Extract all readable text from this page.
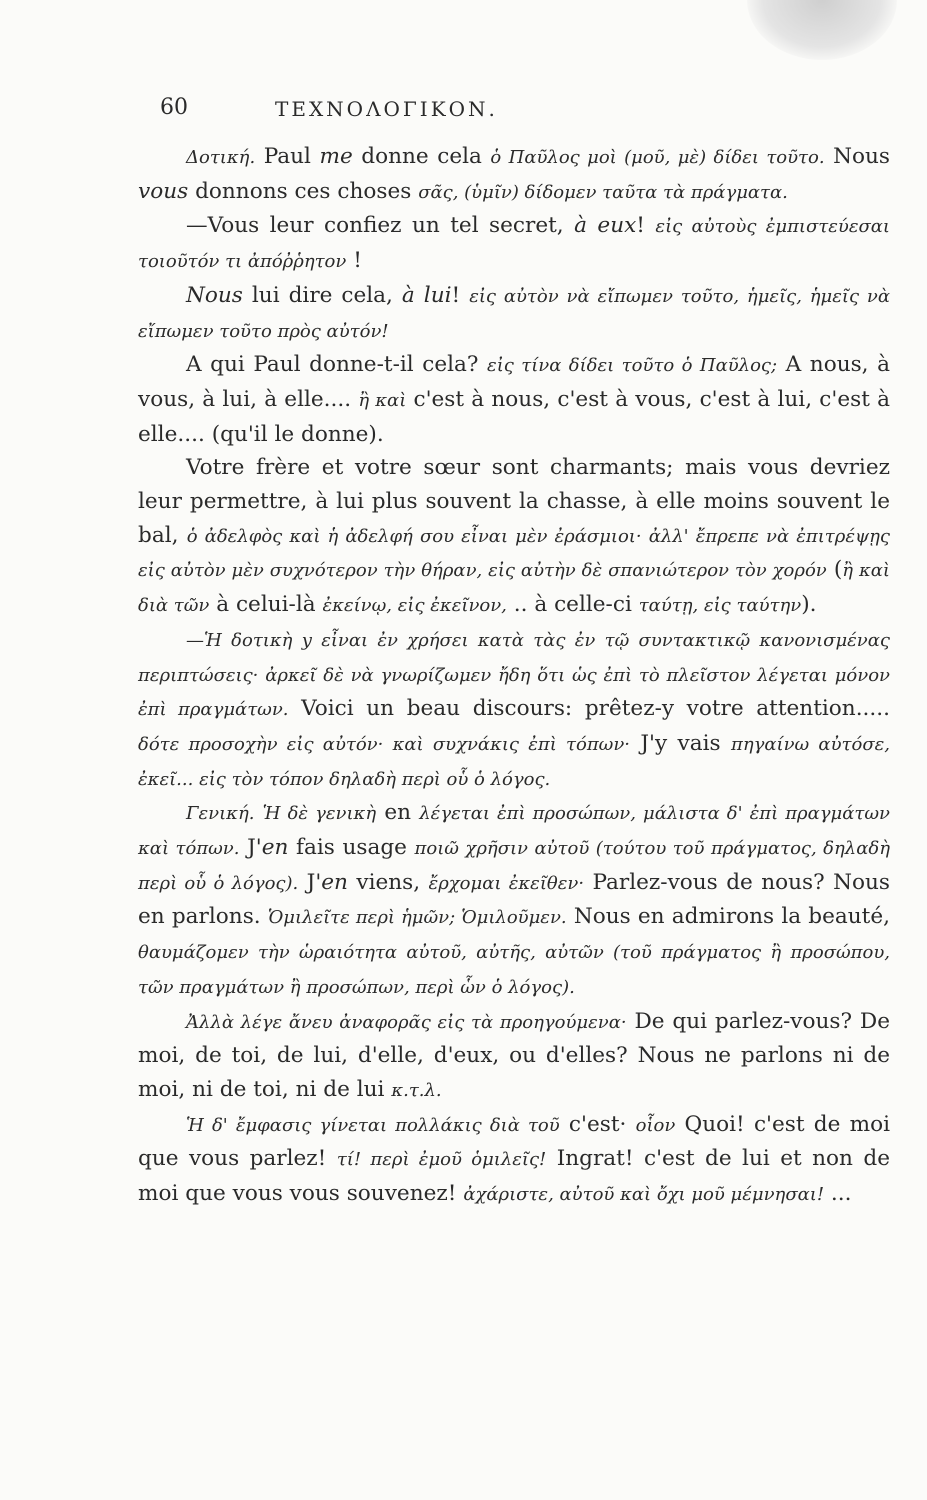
60	ΤΕΧΝΟΛΟΓΙΚΟΝ.

Δοτική. Paul me donne cela ὁ Παῦλος μοὶ (μοῦ, μὲ) δίδει τοῦτο. Nous vous donnons ces choses σᾶς, (ὑμῖν) δίδομεν ταῦτα τὰ πράγματα.

—Vous leur confiez un tel secret, à eux! εἰς αὐτοὺς ἐμπιστεύεσαι τοιοῦτόν τι ἀπόῤῥητον !

Nous lui dire cela, à lui! εἰς αὐτὸν νὰ εἴπωμεν τοῦτο, ἡμεῖς, ἡμεῖς νὰ εἴπωμεν τοῦτο πρὸς αὐτόν!

A qui Paul donne-t-il cela? εἰς τίνα δίδει τοῦτο ὁ Παῦλος; A nous, à vous, à lui, à elle.... ἢ καὶ c'est à nous, c'est à vous, c'est à lui, c'est à elle.... (qu'il le donne).

Votre frère et votre sœur sont charmants; mais vous devriez leur permettre, à lui plus souvent la chasse, à elle moins souvent le bal, ὁ ἀδελφὸς καὶ ἡ ἀδελφή σου εἶναι μὲν ἐράσμιοι· ἀλλ' ἔπρεπε νὰ ἐπιτρέψῃς εἰς αὐτὸν μὲν συχνότερον τὴν θήραν, εἰς αὐτὴν δὲ σπανιώτερον τὸν χορόν (ἢ καὶ διὰ τῶν à celui-là ἐκείνῳ, εἰς ἐκεῖνον, .. à celle-ci ταύτῃ, εἰς ταύτην).

—Ἡ δοτικὴ y εἶναι ἐν χρήσει κατὰ τὰς ἐν τῷ συντακτικῷ κανονισμένας περιπτώσεις· ἀρκεῖ δὲ νὰ γνωρίζωμεν ἤδη ὅτι ὡς ἐπὶ τὸ πλεῖστον λέγεται μόνον ἐπὶ πραγμάτων. Voici un beau discours: prêtez-y votre attention..... δότε προσοχὴν εἰς αὐτόν· καὶ συχνάκις ἐπὶ τόπων· J'y vais πηγαίνω αὐτόσε, ἐκεῖ... εἰς τὸν τόπον δηλαδὴ περὶ οὗ ὁ λόγος.

Γενική. Ἡ δὲ γενικὴ en λέγεται ἐπὶ προσώπων, μάλιστα δ' ἐπὶ πραγμάτων καὶ τόπων. J'en fais usage ποιῶ χρῆσιν αὐτοῦ (τούτου τοῦ πράγματος, δηλαδὴ περὶ οὗ ὁ λόγος). J'en viens, ἔρχομαι ἐκεῖθεν· Parlez-vous de nous? Nous en parlons. Ὁμιλεῖτε περὶ ἡμῶν; Ὁμιλοῦμεν. Nous en admirons la beauté, θαυμάζομεν τὴν ὡραιότητα αὐτοῦ, αὐτῆς, αὐτῶν (τοῦ πράγματος ἢ προσώπου, τῶν πραγμάτων ἢ προσώπων, περὶ ὧν ὁ λόγος).

Ἀλλὰ λέγε ἄνευ ἀναφορᾶς εἰς τὰ προηγούμενα· De qui parlez-vous? De moi, de toi, de lui, d'elle, d'eux, ou d'elles? Nous ne parlons ni de moi, ni de toi, ni de lui κ.τ.λ.

Ἡ δ' ἔμφασις γίνεται πολλάκις διὰ τοῦ c'est· οἷον Quoi! c'est de moi que vous parlez! τί! περὶ ἐμοῦ ὁμιλεῖς! Ingrat! c'est de lui et non de moi que vous vous souvenez! ἀχάριστε, αὐτοῦ καὶ ὄχι μοῦ μέμνησαι! ...
